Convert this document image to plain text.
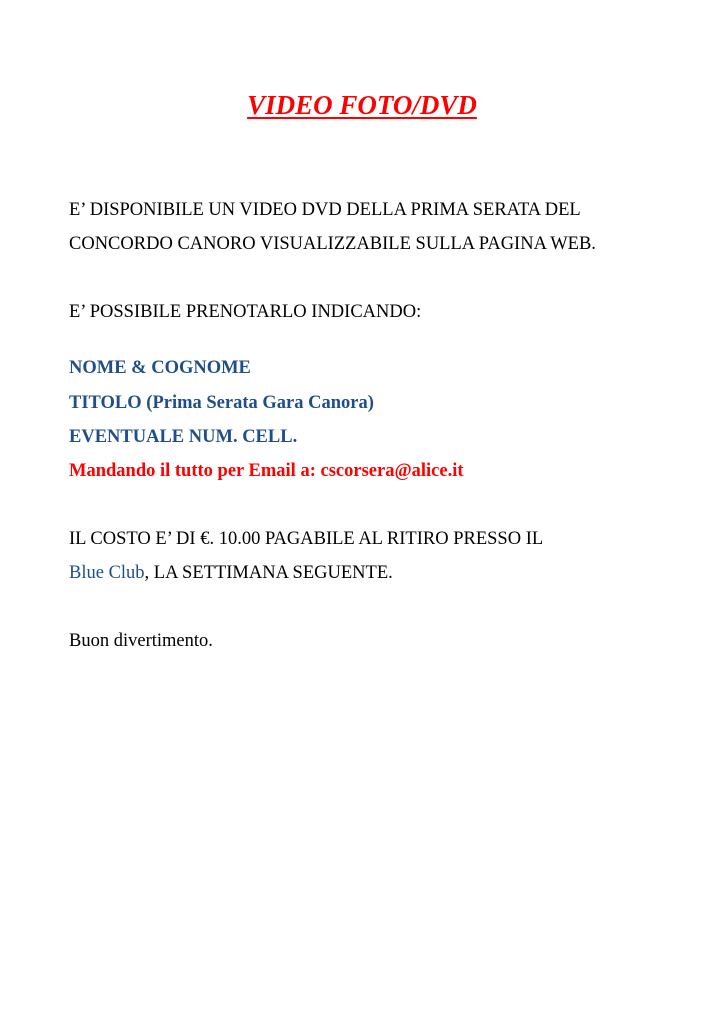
VIDEO FOTO/DVD

E’ DISPONIBILE UN VIDEO DVD DELLA PRIMA SERATA DEL

CONCORDO CANORO VISUALIZZABILE SULLA PAGINA WEB.

E’ POSSIBILE PRENOTARLO INDICANDO:

NOME & COGNOME

TITOLO (Prima Serata Gara Canora)

EVENTUALE NUM. CELL.

Mandando il tutto per Email a: cscorsera@alice.it

IL COSTO E’ DI €. 10.00 PAGABILE AL RITIRO PRESSO IL

Blue Club, LA SETTIMANA SEGUENTE.

Buon divertimento.
